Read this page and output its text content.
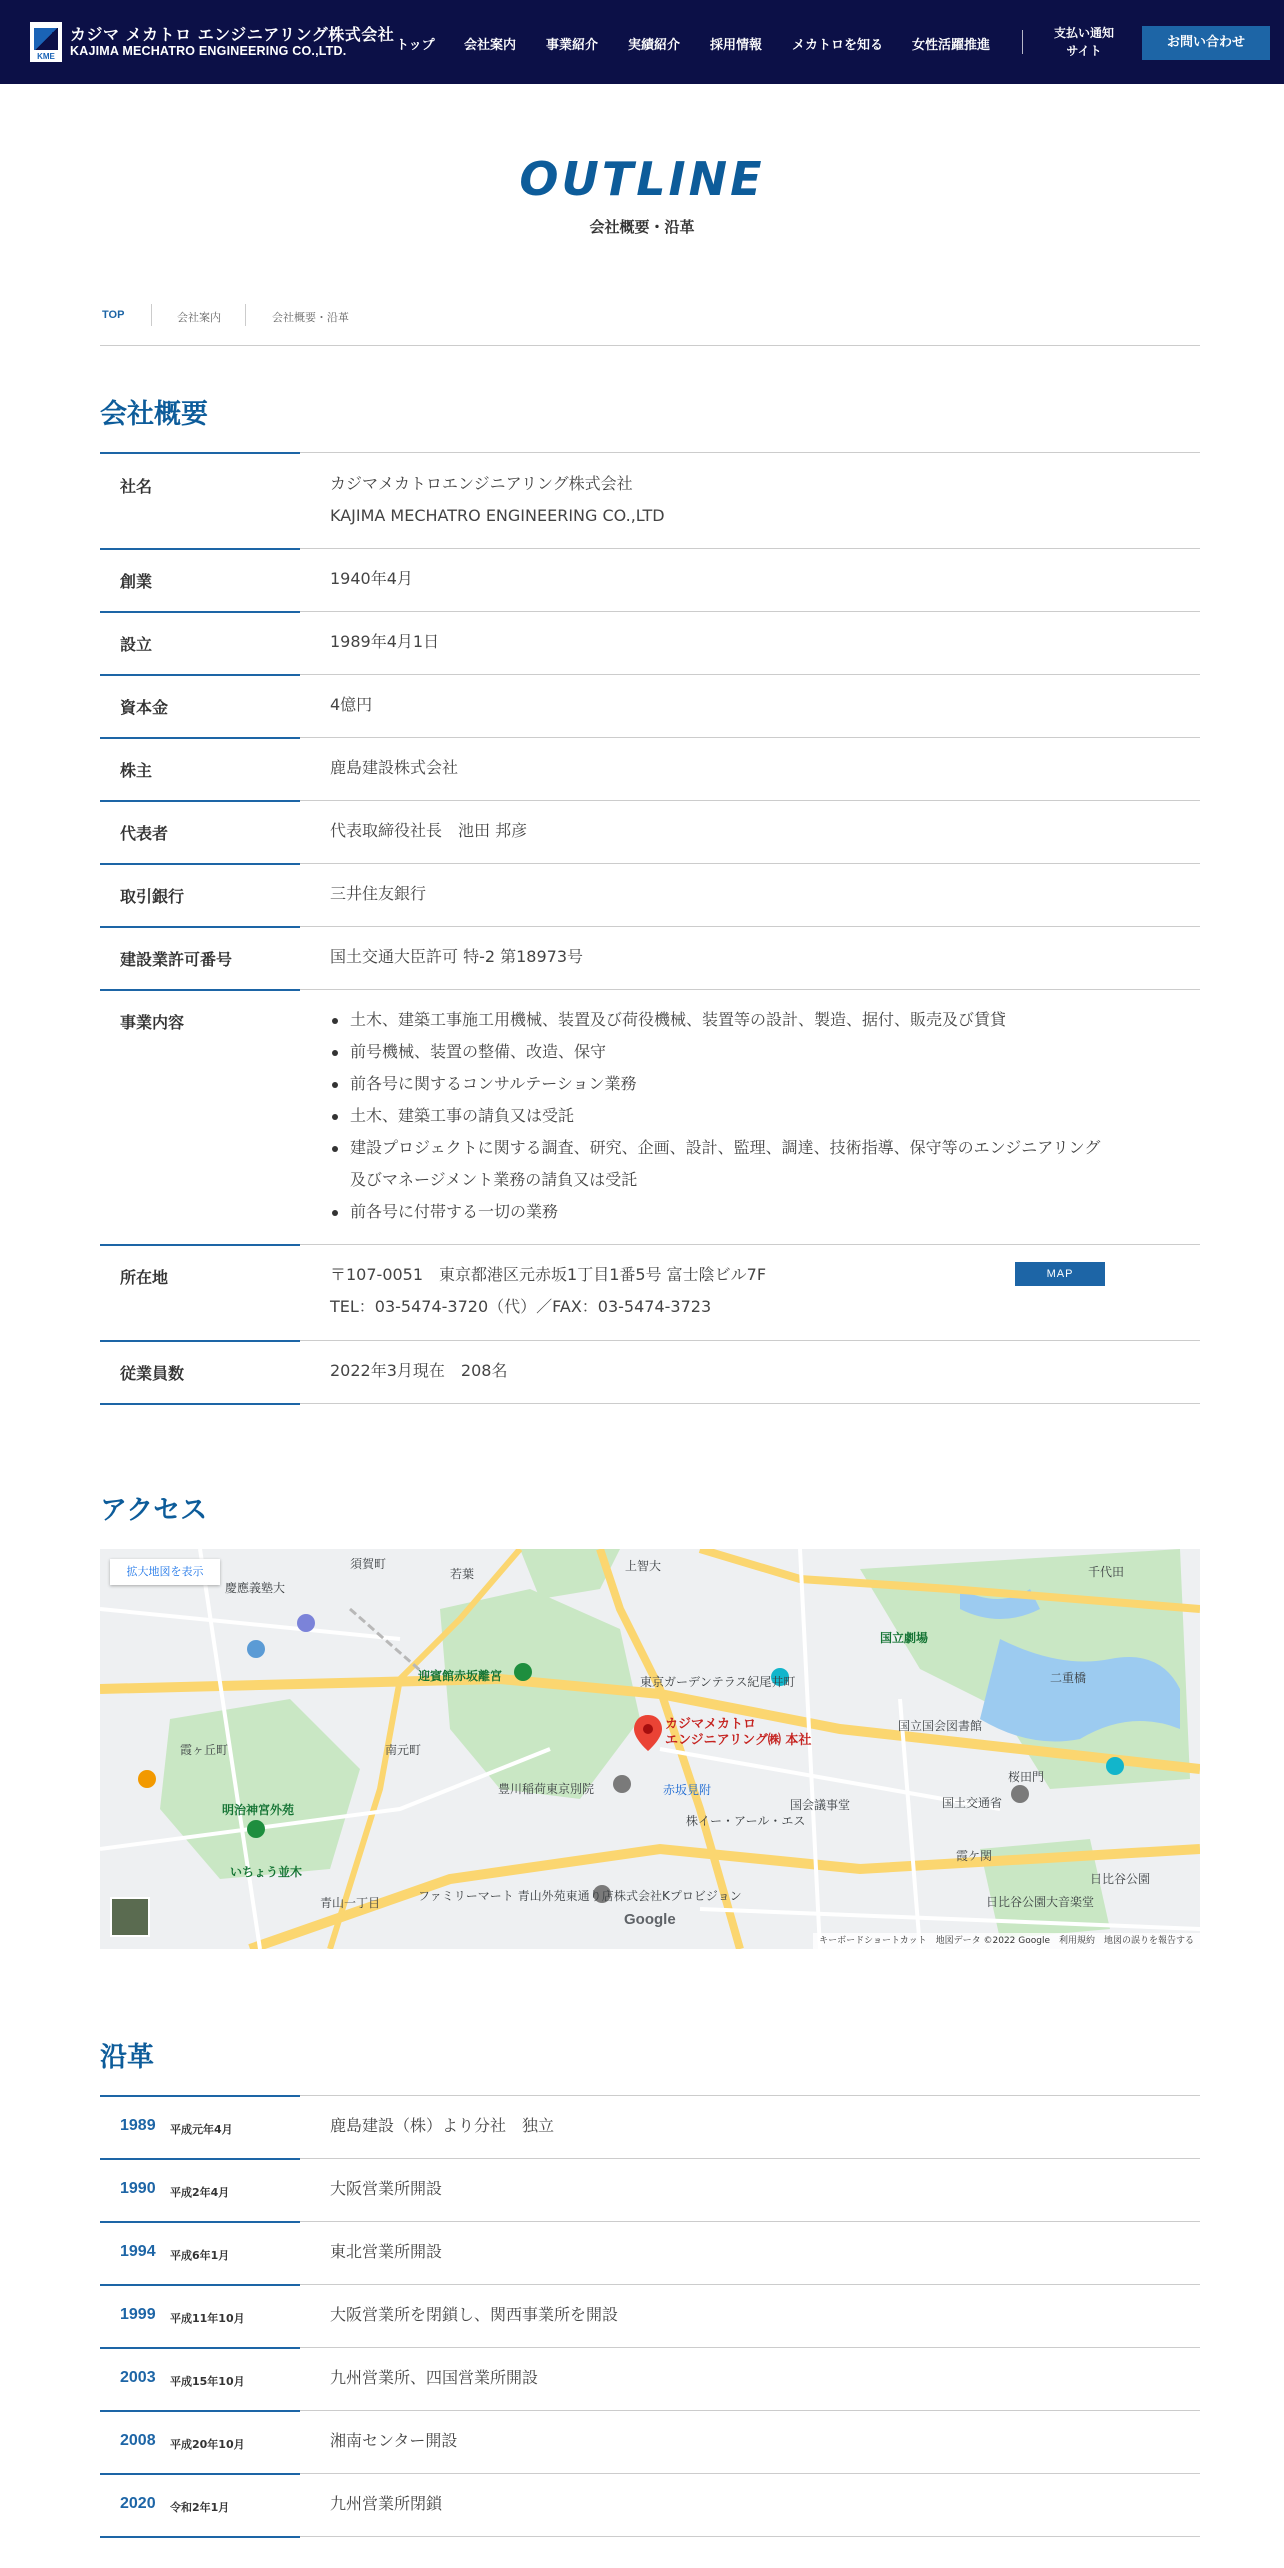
KME
カジマ メカトロ エンジニアリング株式会社
KAJIMA MECHATRO ENGINEERING CO.,LTD.	トップ 会社案内 事業紹介 実績紹介 採用情報 メカトロを知る 女性活躍推進
支払い通知
サイト
お問い合わせ
OUTLINE
会社概要・沿革
TOP	会社案内	会社概要・沿革
会社概要
社名	カジマメカトロエンジニアリング株式会社
KAJIMA MECHATRO ENGINEERING CO.,LTD
創業	1940年4月
設立	1989年4月1日
資本金	4億円
株主	鹿島建設株式会社
代表者	代表取締役社長　池田 邦彦
取引銀行	三井住友銀行
建設業許可番号	国土交通大臣許可 特-2 第18973号
事業内容	土木、建築工事施工用機械、装置及び荷役機械、装置等の設計、製造、据付、販売及び賃貸
前号機械、装置の整備、改造、保守
前各号に関するコンサルテーション業務
土木、建築工事の請負又は受託
建設プロジェクトに関する調査、研究、企画、設計、監理、調達、技術指導、保守等のエンジニアリング
及びマネージメント業務の請負又は受託
前各号に付帯する一切の業務
所在地	〒107-0051　東京都港区元赤坂1丁目1番5号 富士陰ビル7F	MAP
TEL：03-5474-3720（代）／FAX：03-5474-3723
従業員数	2022年3月現在　208名
アクセス
拡大地図を表示
カジマメカトロ
エンジニアリング㈱ 本社
須賀町
若葉
上智大	千代田
慶應義塾大
迎賓館赤坂離宮	東京ガーデンテラス紀尾井町
国立劇場
国立国会図書館
南元町
霞ヶ丘町
明治神宮外苑
豊川稲荷東京別院	赤坂見附
株イー・アール・エス
国会議事堂	国土交通省
いちょう並木
青山一丁目	ファミリーマート 青山外苑東通り店 株式会社Kプロビジョン
日比谷公園
二重橋
桜田門
霞ケ関
日比谷公園大音楽堂
Google
キーボードショートカット　地図データ ©2022 Google　利用規約　地図の誤りを報告する
沿革
1989 平成元年4月	鹿島建設（株）より分社　独立
1990 平成2年4月	大阪営業所開設
1994 平成6年1月	東北営業所開設
1999 平成11年10月	大阪営業所を閉鎖し、関西事業所を開設
2003 平成15年10月	九州営業所、四国営業所開設
2008 平成20年10月	湘南センター開設
2020 令和2年1月	九州営業所閉鎖
